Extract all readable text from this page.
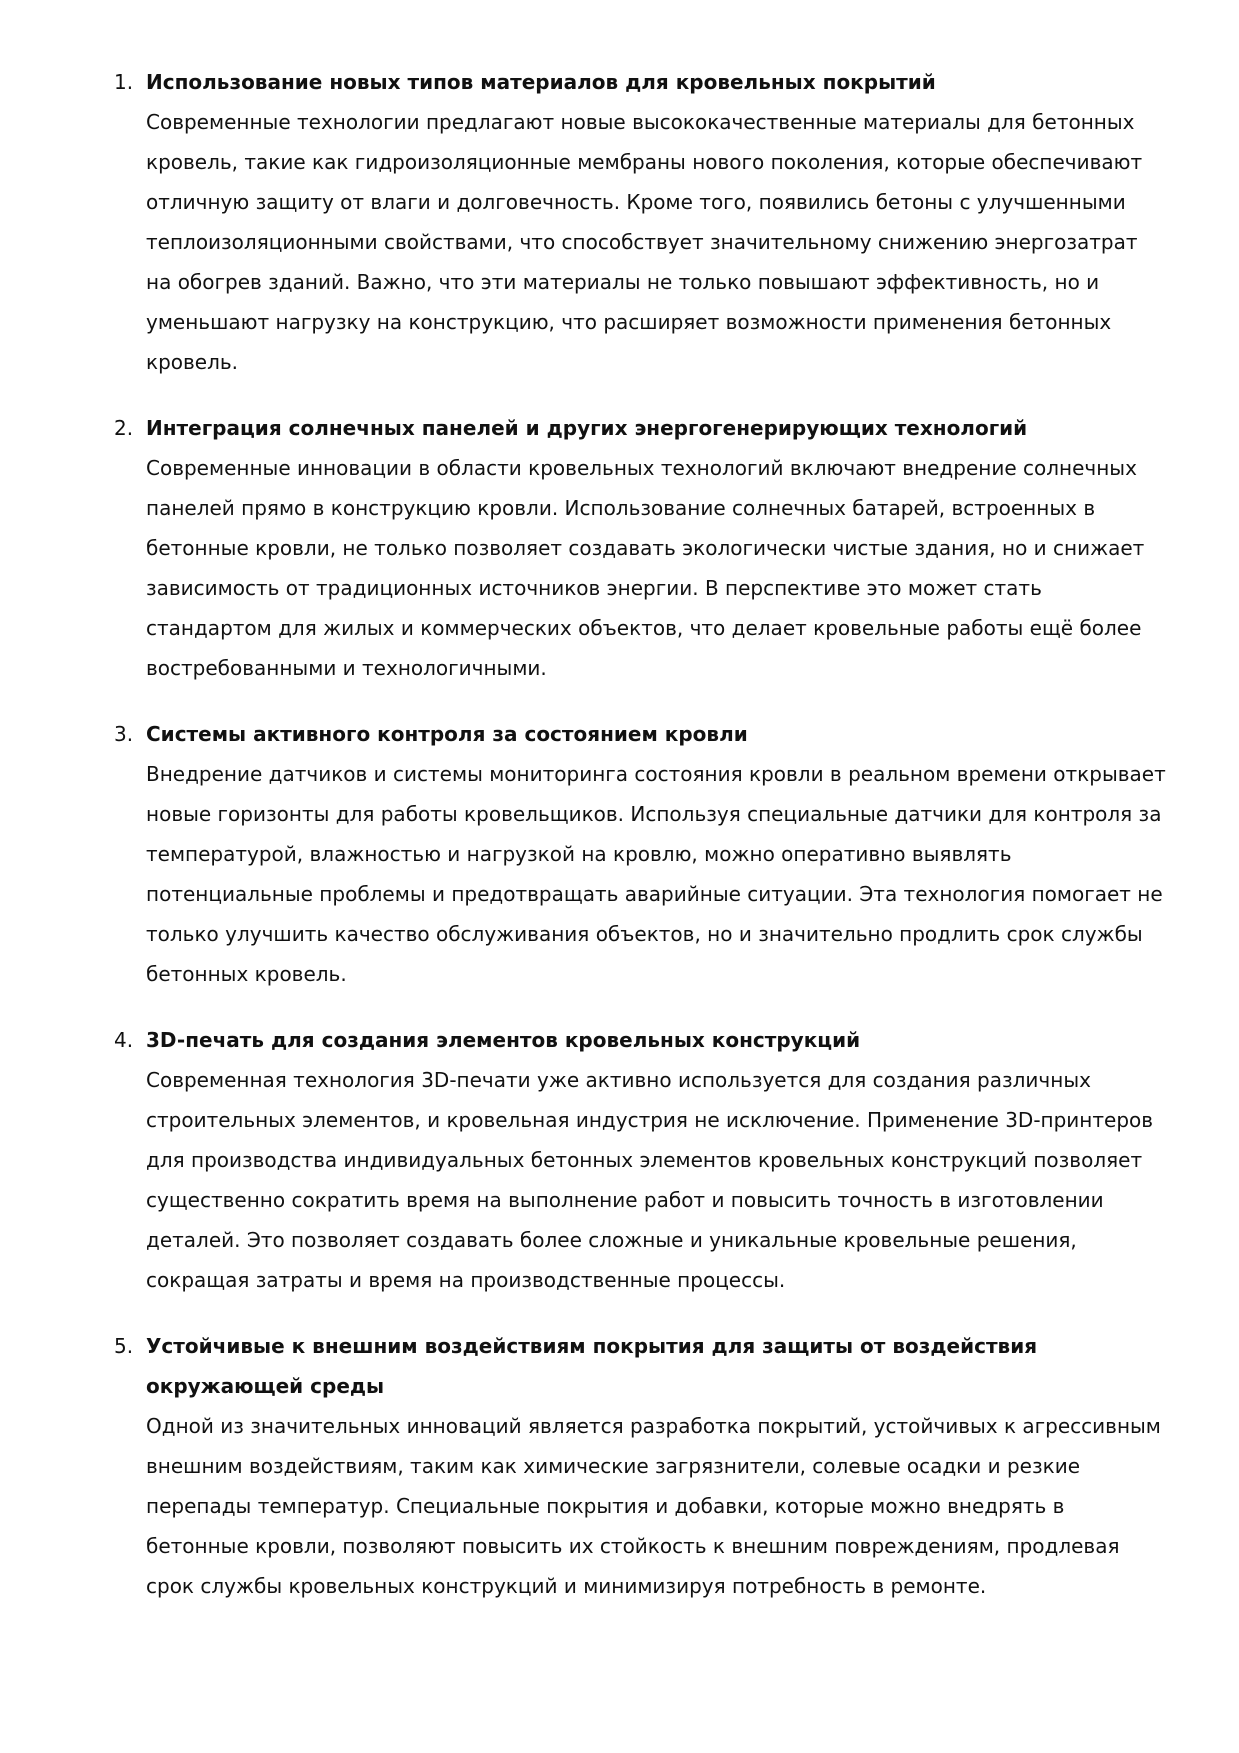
1. Использование новых типов материалов для кровельных покрытий

Современные технологии предлагают новые высококачественные материалы для бетонных кровель, такие как гидроизоляционные мембраны нового поколения, которые обеспечивают отличную защиту от влаги и долговечность. Кроме того, появились бетоны с улучшенными теплоизоляционными свойствами, что способствует значительному снижению энергозатрат на обогрев зданий. Важно, что эти материалы не только повышают эффективность, но и уменьшают нагрузку на конструкцию, что расширяет возможности применения бетонных кровель.

2. Интеграция солнечных панелей и других энергогенерирующих технологий

Современные инновации в области кровельных технологий включают внедрение солнечных панелей прямо в конструкцию кровли. Использование солнечных батарей, встроенных в бетонные кровли, не только позволяет создавать экологически чистые здания, но и снижает зависимость от традиционных источников энергии. В перспективе это может стать стандартом для жилых и коммерческих объектов, что делает кровельные работы ещё более востребованными и технологичными.

3. Системы активного контроля за состоянием кровли

Внедрение датчиков и системы мониторинга состояния кровли в реальном времени открывает новые горизонты для работы кровельщиков. Используя специальные датчики для контроля за температурой, влажностью и нагрузкой на кровлю, можно оперативно выявлять потенциальные проблемы и предотвращать аварийные ситуации. Эта технология помогает не только улучшить качество обслуживания объектов, но и значительно продлить срок службы бетонных кровель.

4. 3D-печать для создания элементов кровельных конструкций

Современная технология 3D-печати уже активно используется для создания различных строительных элементов, и кровельная индустрия не исключение. Применение 3D-принтеров для производства индивидуальных бетонных элементов кровельных конструкций позволяет существенно сократить время на выполнение работ и повысить точность в изготовлении деталей. Это позволяет создавать более сложные и уникальные кровельные решения, сокращая затраты и время на производственные процессы.

5. Устойчивые к внешним воздействиям покрытия для защиты от воздействия окружающей среды

Одной из значительных инноваций является разработка покрытий, устойчивых к агрессивным внешним воздействиям, таким как химические загрязнители, солевые осадки и резкие перепады температур. Специальные покрытия и добавки, которые можно внедрять в бетонные кровли, позволяют повысить их стойкость к внешним повреждениям, продлевая срок службы кровельных конструкций и минимизируя потребность в ремонте.
